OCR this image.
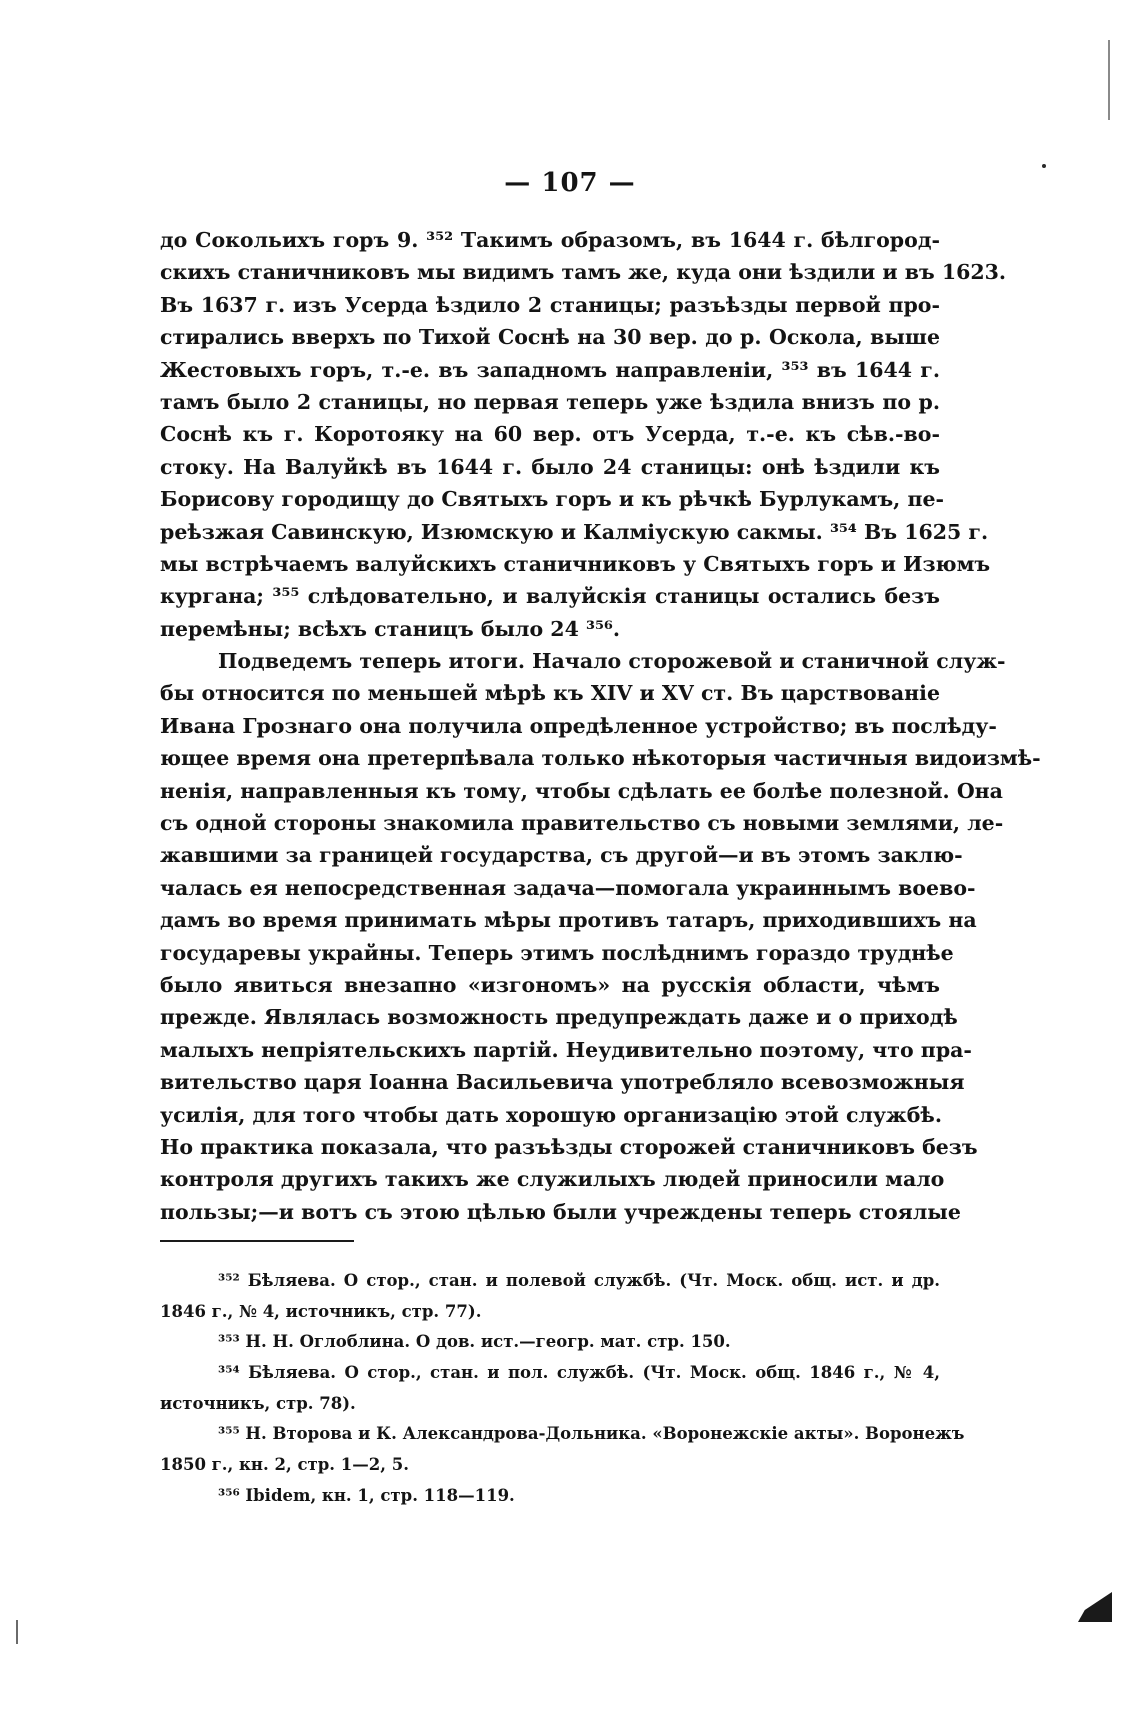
— 107 —
до Сокольихъ горъ 9. ³⁵² Такимъ образомъ, въ 1644 г. бѣлгород-
скихъ станичниковъ мы видимъ тамъ же, куда они ѣздили и въ 1623.
Въ 1637 г. изъ Усерда ѣздило 2 станицы; разъѣзды первой про-
стирались вверхъ по Тихой Соснѣ на 30 вер. до р. Оскола, выше
Жестовыхъ горъ, т.-е. въ западномъ направленіи, ³⁵³ въ 1644 г.
тамъ было 2 станицы, но первая теперь уже ѣздила внизъ по р.
Соснѣ къ г. Коротояку на 60 вер. отъ Усерда, т.-е. къ сѣв.-во-
стоку. На Валуйкѣ въ 1644 г. было 24 станицы: онѣ ѣздили къ
Борисову городищу до Святыхъ горъ и къ рѣчкѣ Бурлукамъ, пе-
реѣзжая Савинскую, Изюмскую и Калміускую сакмы. ³⁵⁴ Въ 1625 г.
мы встрѣчаемъ валуйскихъ станичниковъ у Святыхъ горъ и Изюмъ
кургана; ³⁵⁵ слѣдовательно, и валуйскія станицы остались безъ
перемѣны; всѣхъ станицъ было 24 ³⁵⁶.
Подведемъ теперь итоги. Начало сторожевой и станичной служ-
бы относится по меньшей мѣрѣ къ XIV и XV ст. Въ царствованіе
Ивана Грознаго она получила опредѣленное устройство; въ послѣду-
ющее время она претерпѣвала только нѣкоторыя частичныя видоизмѣ-
ненія, направленныя къ тому, чтобы сдѣлать ее болѣе полезной. Она
съ одной стороны знакомила правительство съ новыми землями, ле-
жавшими за границей государства, съ другой—и въ этомъ заклю-
чалась ея непосредственная задача—помогала украиннымъ воево-
дамъ во время принимать мѣры противъ татаръ, приходившихъ на
государевы украйны. Теперь этимъ послѣднимъ гораздо труднѣе
было явиться внезапно «изгономъ» на русскія области, чѣмъ
прежде. Являлась возможность предупреждать даже и о приходѣ
малыхъ непріятельскихъ партій. Неудивительно поэтому, что пра-
вительство царя Іоанна Васильевича употребляло всевозможныя
усилія, для того чтобы дать хорошую организацію этой службѣ.
Но практика показала, что разъѣзды сторожей станичниковъ безъ
контроля другихъ такихъ же служилыхъ людей приносили мало
пользы;—и вотъ съ этою цѣлью были учреждены теперь стоялые
³⁵² Бѣляева. О стор., стан. и полевой службѣ. (Чт. Моск. общ. ист. и др.
1846 г., № 4, источникъ, стр. 77).
³⁵³ Н. Н. Оглоблина. О дов. ист.—геогр. мат. стр. 150.
³⁵⁴ Бѣляева. О стор., стан. и пол. службѣ. (Чт. Моск. общ. 1846 г., № 4,
источникъ, стр. 78).
³⁵⁵ Н. Второва и К. Александрова-Дольника. «Воронежскіе акты». Воронежъ
1850 г., кн. 2, стр. 1—2, 5.
³⁵⁶ Ibidem, кн. 1, стр. 118—119.
